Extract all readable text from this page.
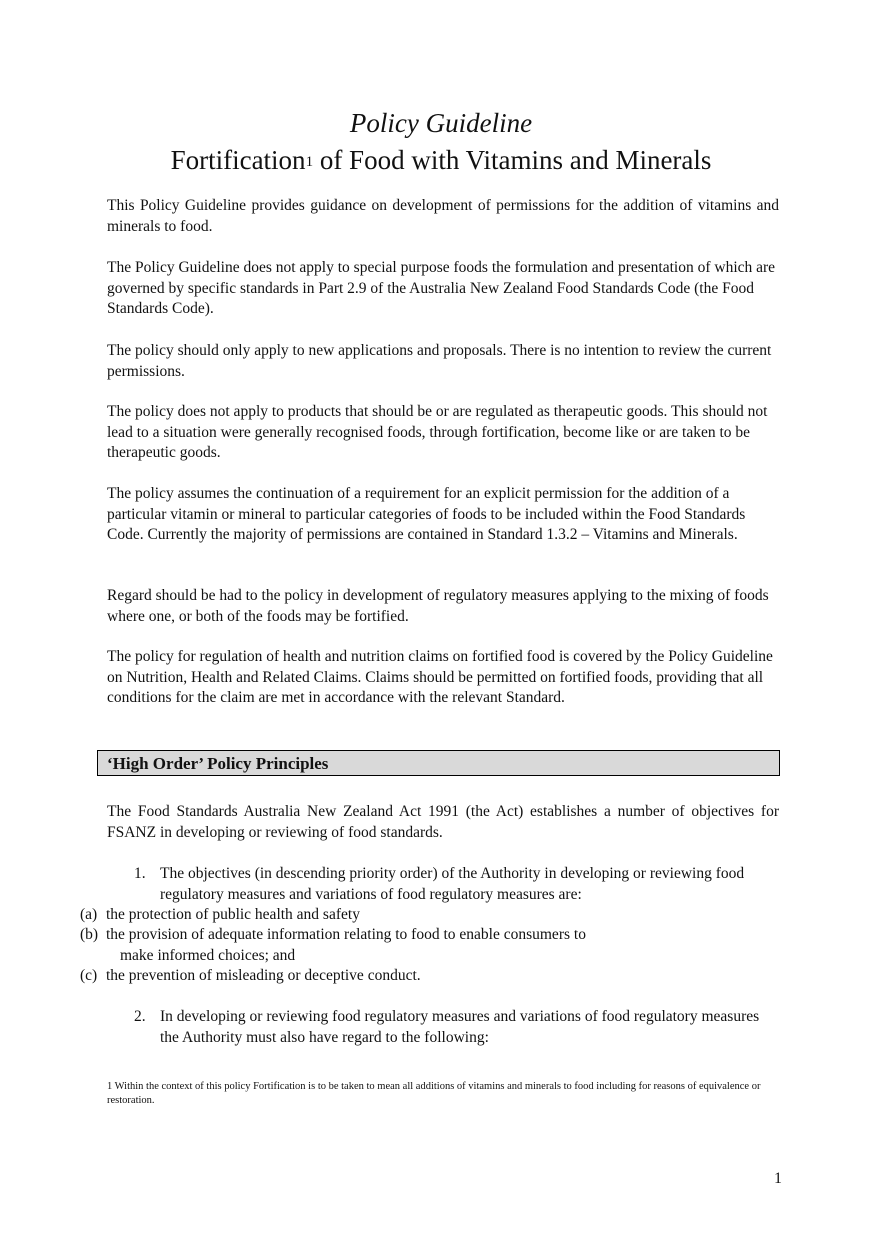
Policy Guideline
Fortification$^1$ of Food with Vitamins and Minerals
This Policy Guideline provides guidance on development of permissions for the addition of vitamins and minerals to food.
The Policy Guideline does not apply to special purpose foods the formulation and presentation of which are governed by specific standards in Part 2.9 of the Australia New Zealand Food Standards Code (the Food Standards Code).
The policy should only apply to new applications and proposals. There is no intention to review the current permissions.
The policy does not apply to products that should be or are regulated as therapeutic goods. This should not lead to a situation were generally recognised foods, through fortification, become like or are taken to be therapeutic goods.
The policy assumes the continuation of a requirement for an explicit permission for the addition of a particular vitamin or mineral to particular categories of foods to be included within the Food Standards Code. Currently the majority of permissions are contained in Standard 1.3.2 – Vitamins and Minerals.
Regard should be had to the policy in development of regulatory measures applying to the mixing of foods where one, or both of the foods may be fortified.
The policy for regulation of health and nutrition claims on fortified food is covered by the Policy Guideline on Nutrition, Health and Related Claims. Claims should be permitted on fortified foods, providing that all conditions for the claim are met in accordance with the relevant Standard.
‘High Order’ Policy Principles
The Food Standards Australia New Zealand Act 1991 (the Act) establishes a number of objectives for FSANZ in developing or reviewing of food standards.
1. The objectives (in descending priority order) of the Authority in developing or reviewing food regulatory measures and variations of food regulatory measures are:
(a) the protection of public health and safety
(b) the provision of adequate information relating to food to enable consumers to
make informed choices; and
(c) the prevention of misleading or deceptive conduct.
2. In developing or reviewing food regulatory measures and variations of food regulatory measures the Authority must also have regard to the following:
1 Within the context of this policy Fortification is to be taken to mean all additions of vitamins and minerals to food including for reasons of equivalence or restoration.
1
